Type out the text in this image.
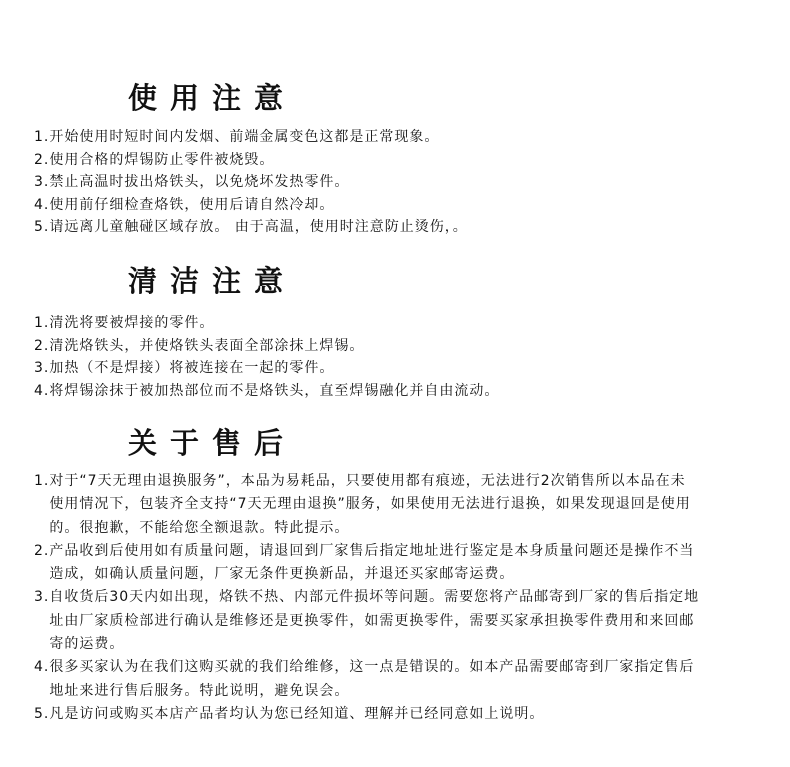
使用注意
1. 开始使用时短时间内发烟、前端金属变色这都是正常现象。
2. 使用合格的焊锡防止零件被烧毁。
3. 禁止高温时拔出烙铁头，以免烧坏发热零件。
4. 使用前仔细检查烙铁，使用后请自然冷却。
5. 请远离儿童触碰区域存放。 由于高温，使用时注意防止烫伤，。
清洁注意
1. 清洗将要被焊接的零件。
2. 清洗烙铁头，并使烙铁头表面全部涂抹上焊锡。
3. 加热（不是焊接）将被连接在一起的零件。
4. 将焊锡涂抹于被加热部位而不是烙铁头，直至焊锡融化并自由流动。
关于售后
1. 对于“7天无理由退换服务”，本品为易耗品，只要使用都有痕迹，无法进行2次销售所以本品在未使用情况下，包装齐全支持“7天无理由退换”服务，如果使用无法进行退换，如果发现退回是使用的。很抱歉，不能给您全额退款。特此提示。
2. 产品收到后使用如有质量问题，请退回到厂家售后指定地址进行鉴定是本身质量问题还是操作不当造成，如确认质量问题，厂家无条件更换新品，并退还买家邮寄运费。
3. 自收货后30天内如出现，烙铁不热、内部元件损坏等问题。需要您将产品邮寄到厂家的售后指定地址由厂家质检部进行确认是维修还是更换零件，如需更换零件，需要买家承担换零件费用和来回邮寄的运费。
4. 很多买家认为在我们这购买就的我们给维修，这一点是错误的。如本产品需要邮寄到厂家指定售后地址来进行售后服务。特此说明，避免误会。
5. 凡是访问或购买本店产品者均认为您已经知道、理解并已经同意如上说明。
